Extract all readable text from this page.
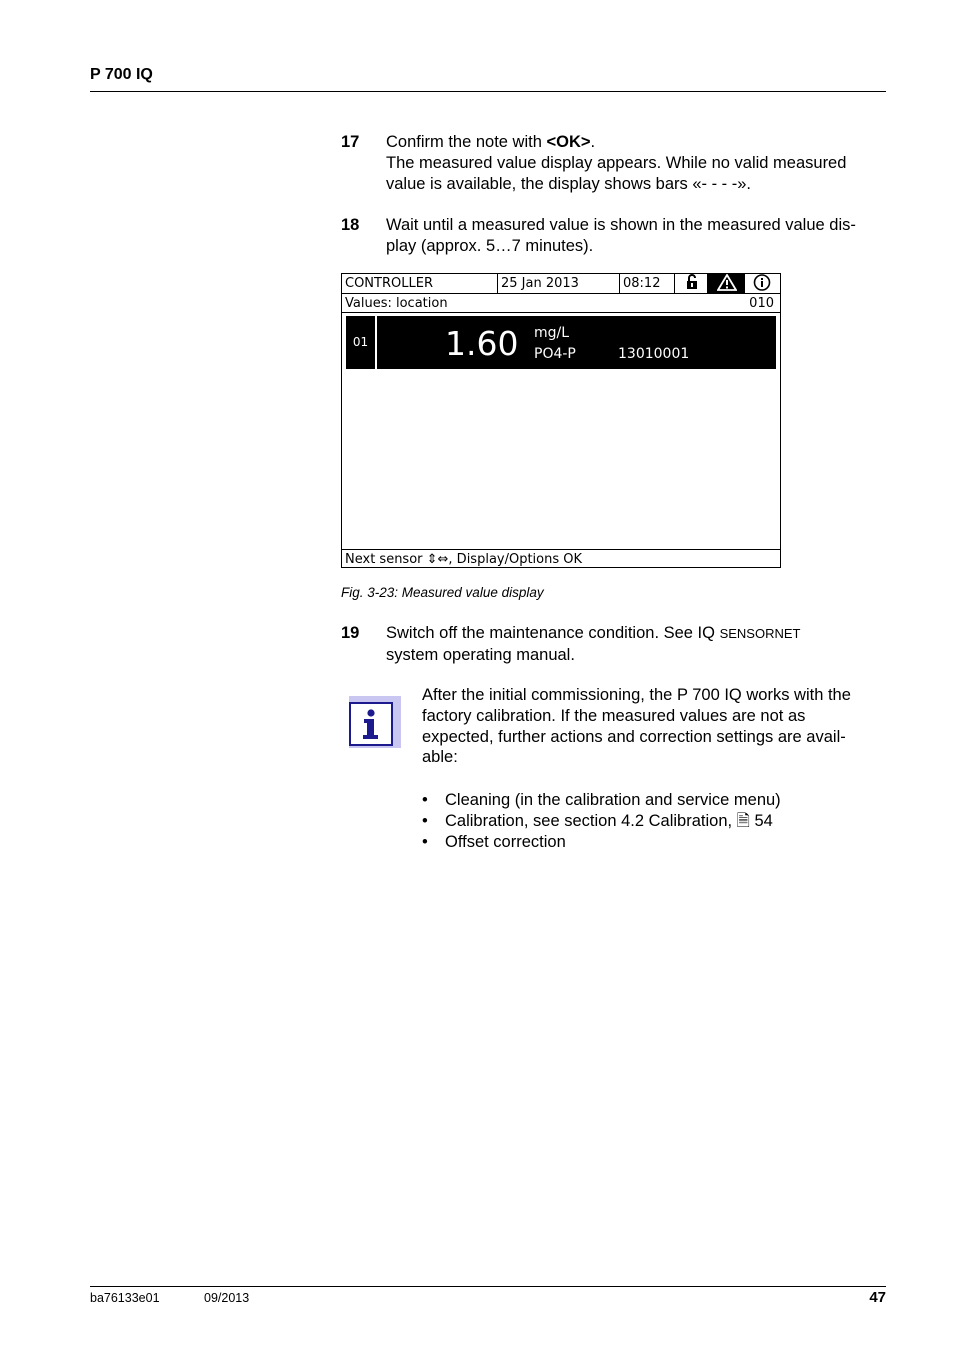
P 700 IQ
17 Confirm the note with <OK>.
The measured value display appears. While no valid measured
value is available, the display shows bars «- - - -».
18 Wait until a measured value is shown in the measured value dis-
play (approx. 5…7 minutes).
CONTROLLER	25 Jan 2013	08:12
Values: location	010
01 1.60 mg/L
PO4-P	13010001
Next sensor ⇕⇔, Display/Options OK
Fig. 3-23: Measured value display
19 Switch off the maintenance condition. See IQ SENSORNET
system operating manual.
After the initial commissioning, the P 700 IQ works with the
factory calibration. If the measured values are not as
expected, further actions and correction settings are avail-
able:
• Cleaning (in the calibration and service menu)
• Calibration, see section 4.2 Calibration, 🗎 54
• Offset correction
ba76133e01	09/2013	47
